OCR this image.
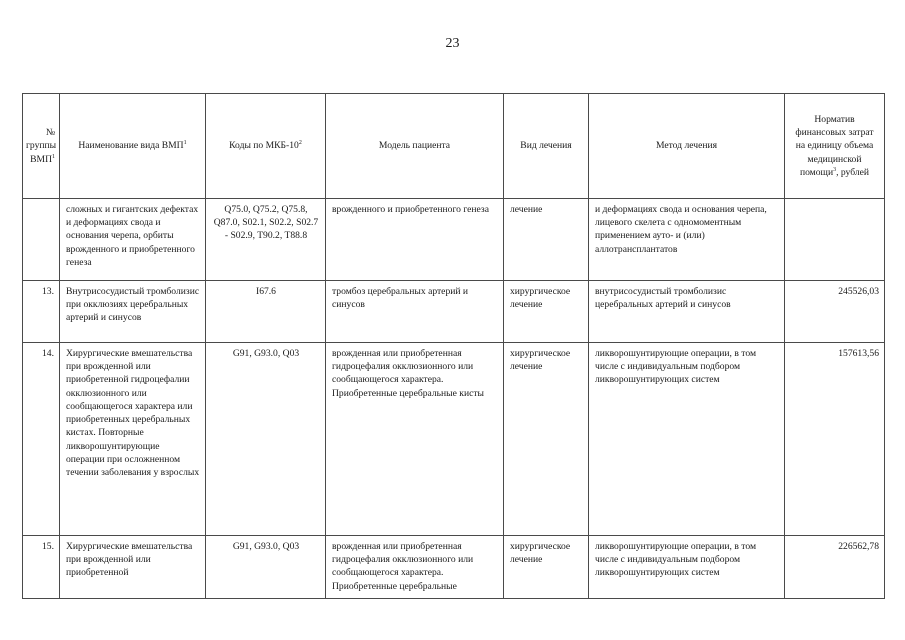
23
№ группы ВМП$^1$	Наименование вида ВМП$^1$	Коды по МКБ-$10^2$	Модель пациента	Вид лечения	Метод лечения	Норматив финансовых затрат на единицу объема медицинской помощи$^3$, рублей
	сложных и гигантских дефектах и деформациях свода и основания черепа, орбиты врожденного и приобретенного генеза	Q75.0, Q75.2, Q75.8, Q87.0, S02.1, S02.2, S02.7 - S02.9, T90.2, T88.8	врожденного и приобретенного генеза	лечение	и деформациях свода и основания черепа, лицевого скелета с одномоментным применением ауто- и (или) аллотрансплантатов	
13.	Внутрисосудистый тромболизис при окклюзиях церебральных артерий и синусов	I67.6	тромбоз церебральных артерий и синусов	хирургическое лечение	внутрисосудистый тромболизис церебральных артерий и синусов	245526,03
14.	Хирургические вмешательства при врожденной или приобретенной гидроцефалии окклюзионного или сообщающегося характера или приобретенных церебральных кистах. Повторные ликворошунтирующие операции при осложненном течении заболевания у взрослых	G91, G93.0, Q03	врожденная или приобретенная гидроцефалия окклюзионного или сообщающегося характера. Приобретенные церебральные кисты	хирургическое лечение	ликворошунтирующие операции, в том числе с индивидуальным подбором ликворошунтирующих систем	157613,56
15.	Хирургические вмешательства при врожденной или приобретенной	G91, G93.0, Q03	врожденная или приобретенная гидроцефалия окклюзионного или сообщающегося характера. Приобретенные церебральные	хирургическое лечение	ликворошунтирующие операции, в том числе с индивидуальным подбором ликворошунтирующих систем	226562,78
